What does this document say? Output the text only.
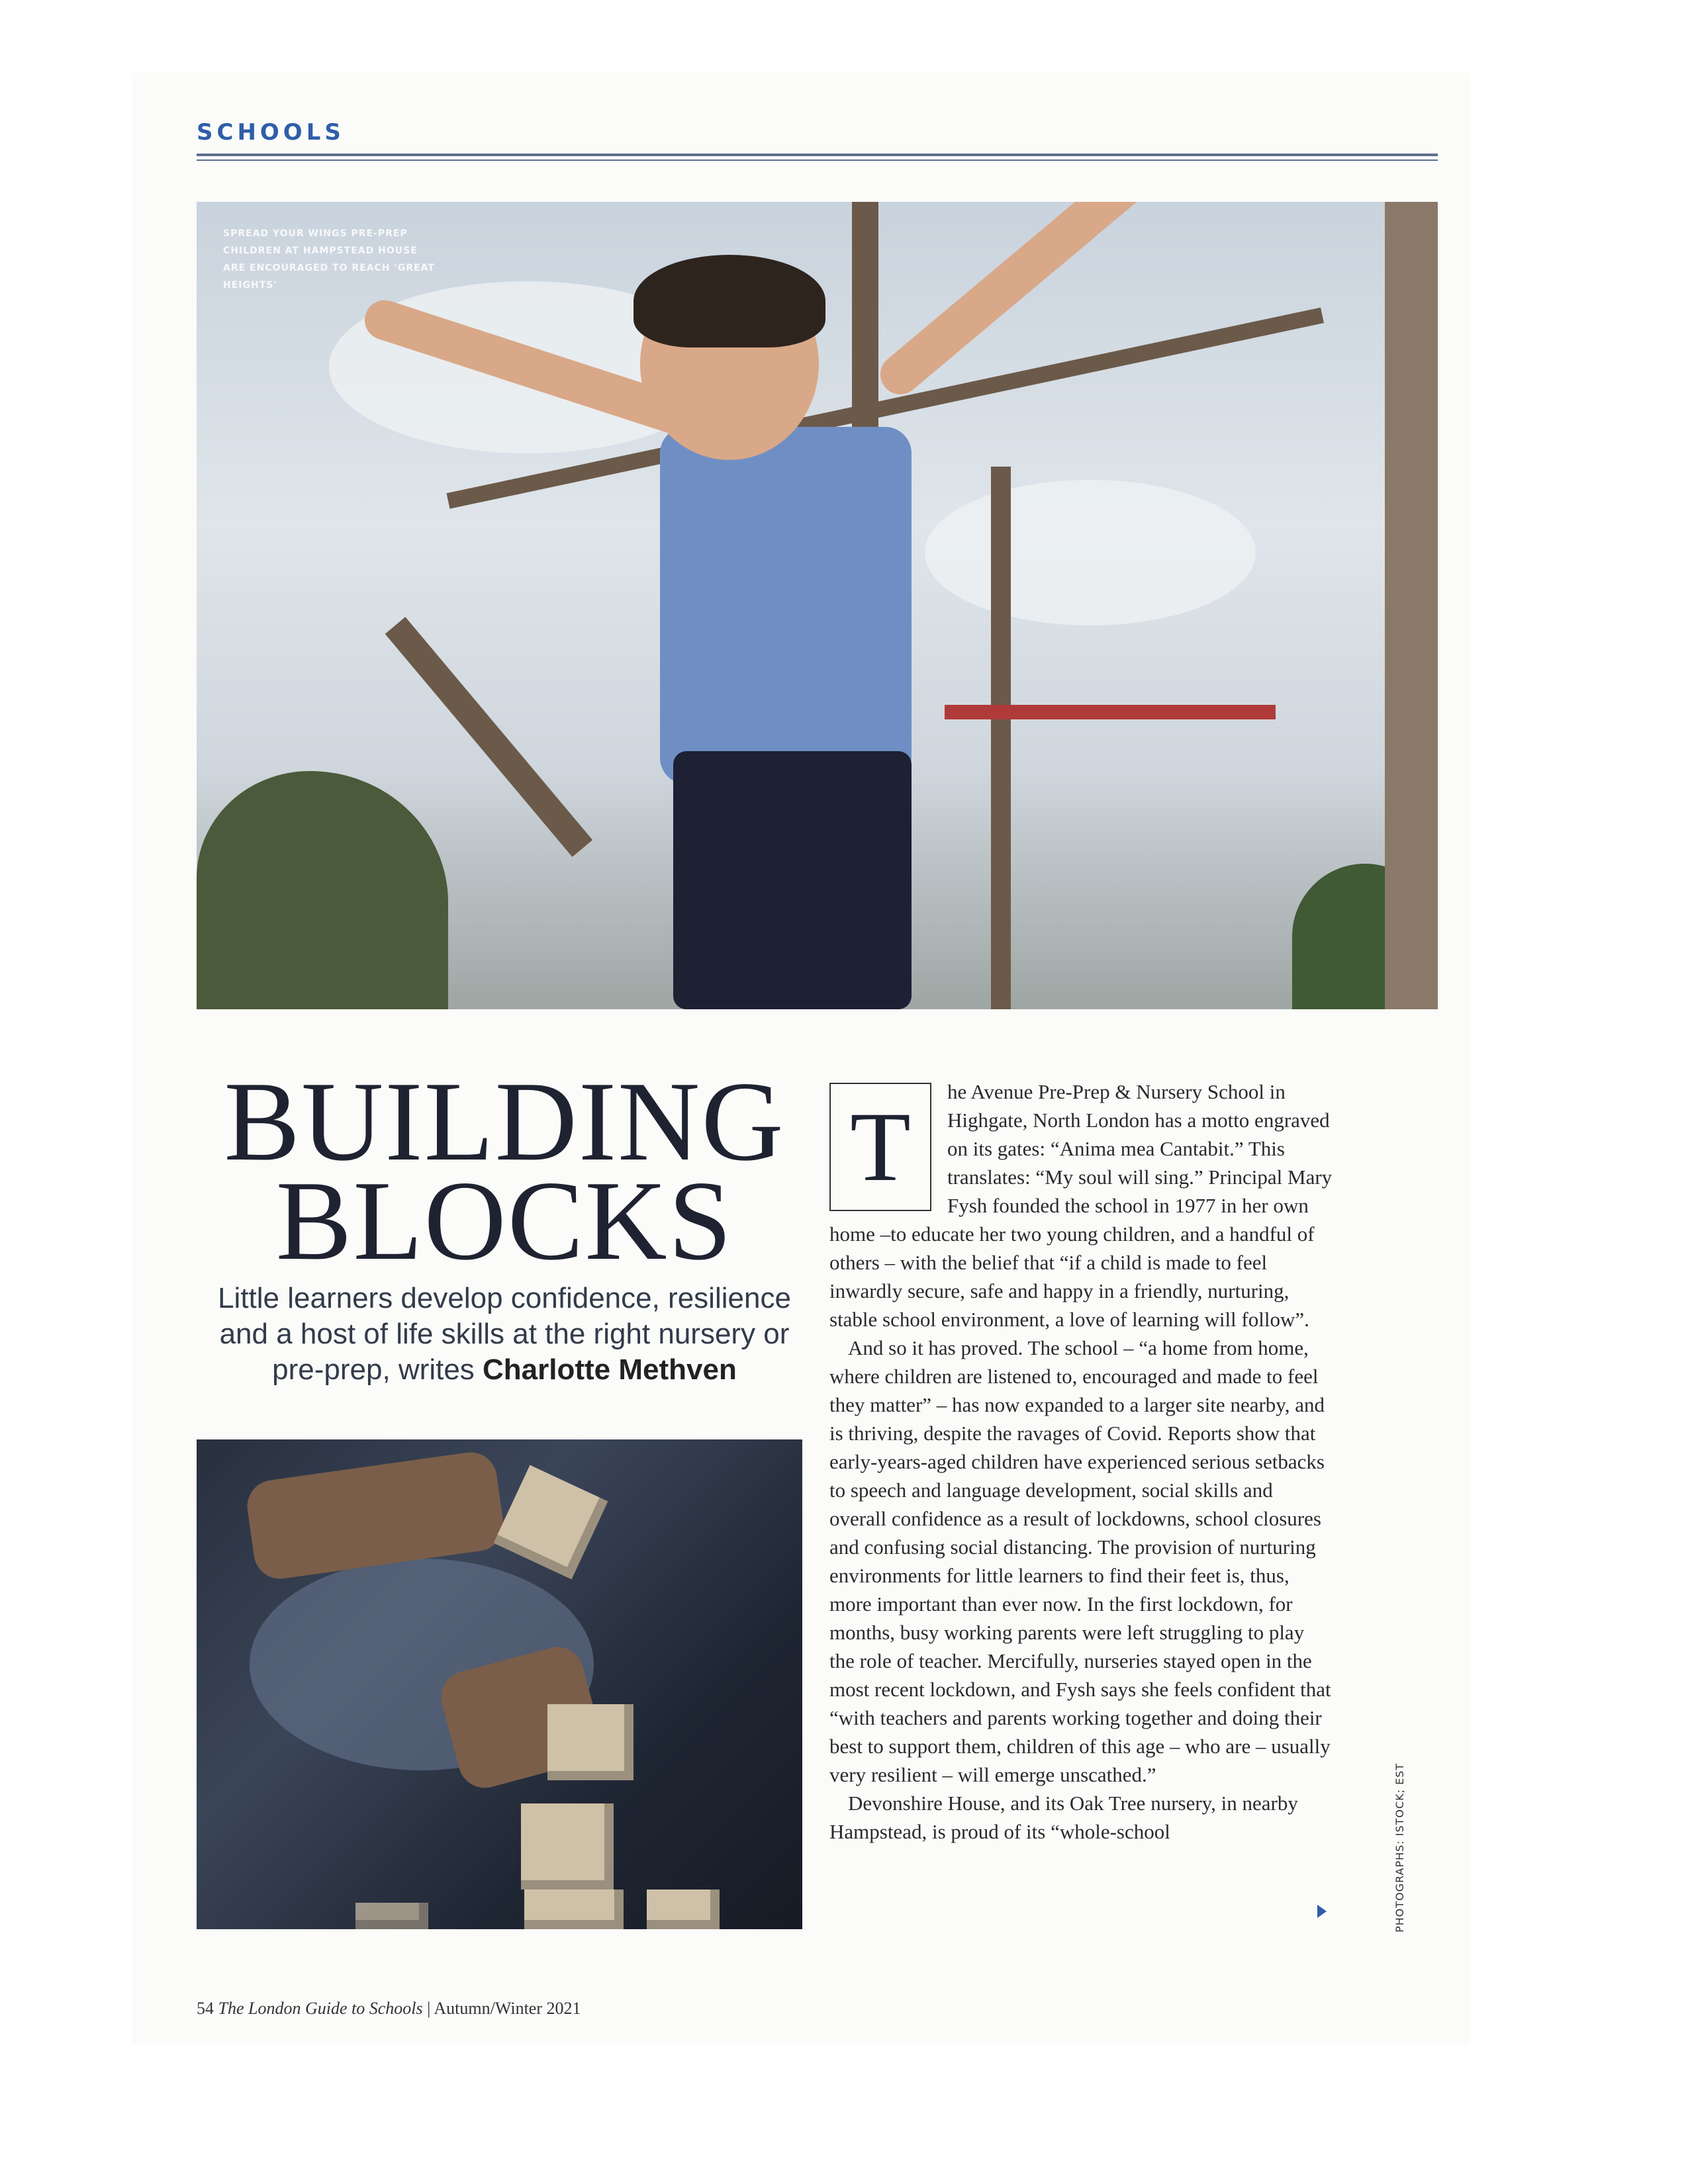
SCHOOLS
SPREAD YOUR WINGS PRE-PREP CHILDREN AT HAMPSTEAD HOUSE ARE ENCOURAGED TO REACH 'GREAT HEIGHTS'
BUILDING
BLOCKS
Little learners develop confidence, resilience and a host of life skills at the right nursery or pre-prep, writes Charlotte Methven

T
he Avenue Pre-Prep & Nursery School in Highgate, North London has a motto engraved on its gates: “Anima mea Cantabit.” This translates: “My soul will sing.” Principal Mary Fysh founded the school in 1977 in her own home –to educate her two young children, and a handful of others – with the belief that “if a child is made to feel inwardly secure, safe and happy in a friendly, nurturing, stable school environment, a love of learning will follow”.

And so it has proved. The school – “a home from home, where children are listened to, encouraged and made to feel they matter” – has now expanded to a larger site nearby, and is thriving, despite the ravages of Covid. Reports show that early-years-aged children have experienced serious setbacks to speech and language development, social skills and overall confidence as a result of lockdowns, school closures and confusing social distancing. The provision of nurturing environments for little learners to find their feet is, thus, more important than ever now. In the first lockdown, for months, busy working parents were left struggling to play the role of teacher. Mercifully, nurseries stayed open in the most recent lockdown, and Fysh says she feels confident that “with teachers and parents working together and doing their best to support them, children of this age – who are – usually very resilient – will emerge unscathed.”

Devonshire House, and its Oak Tree nursery, in nearby Hampstead, is proud of its “whole-school	PHOTOGRAPHS: ISTOCK; EST
54 The London Guide to Schools | Autumn/Winter 2021
